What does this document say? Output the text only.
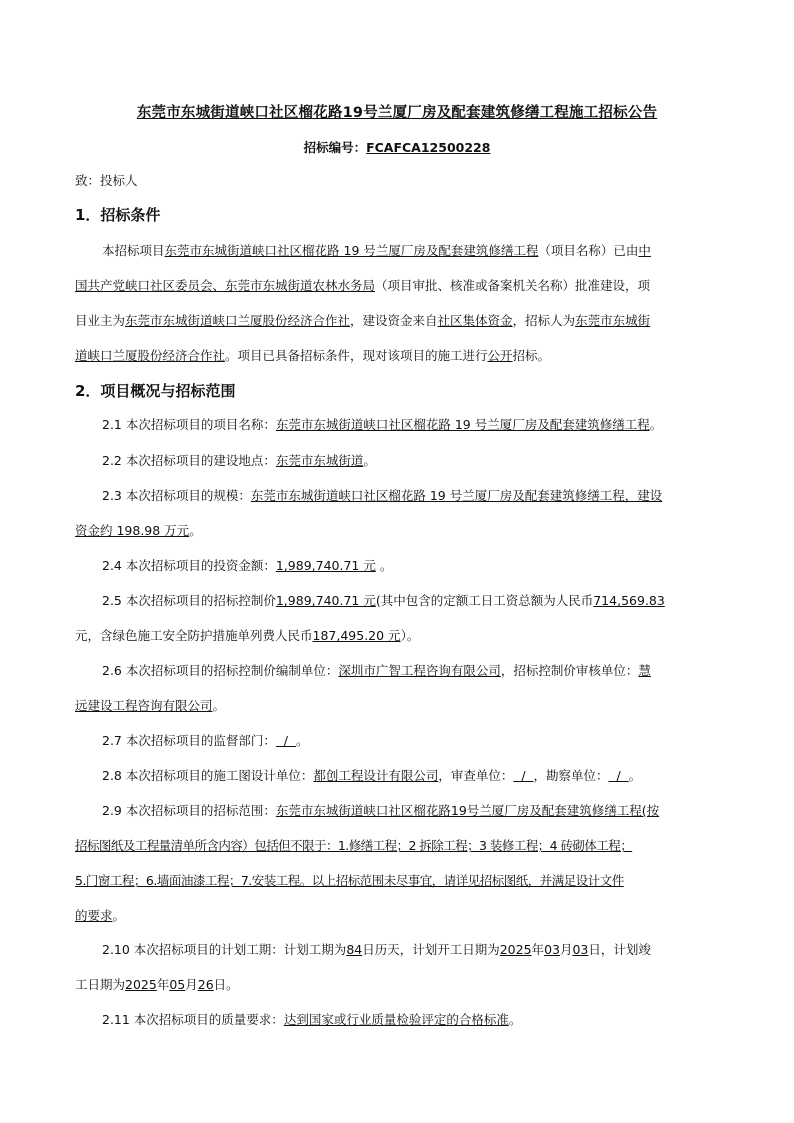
东莞市东城街道峡口社区榴花路19号兰厦厂房及配套建筑修缮工程施工招标公告
招标编号：FCAFCA12500228
致：投标人
1．招标条件
本招标项目东莞市东城街道峡口社区榴花路 19 号兰厦厂房及配套建筑修缮工程（项目名称）已由中
国共产党峡口社区委员会、东莞市东城街道农林水务局（项目审批、核准或备案机关名称）批准建设，项
目业主为东莞市东城街道峡口兰厦股份经济合作社，建设资金来自社区集体资金，招标人为东莞市东城街
道峡口兰厦股份经济合作社。项目已具备招标条件，现对该项目的施工进行公开招标。
2．项目概况与招标范围
2.1 本次招标项目的项目名称：东莞市东城街道峡口社区榴花路 19 号兰厦厂房及配套建筑修缮工程。
2.2 本次招标项目的建设地点：东莞市东城街道。
2.3 本次招标项目的规模：东莞市东城街道峡口社区榴花路 19 号兰厦厂房及配套建筑修缮工程，建设
资金约 198.98 万元。
2.4 本次招标项目的投资金额：1,989,740.71 元 。
2.5 本次招标项目的招标控制价1,989,740.71 元(其中包含的定额工日工资总额为人民币714,569.83
元，含绿色施工安全防护措施单列费人民币187,495.20 元）。
2.6 本次招标项目的招标控制价编制单位：深圳市广智工程咨询有限公司，招标控制价审核单位：慧
远建设工程咨询有限公司。
2.7 本次招标项目的监督部门：  /  。
2.8 本次招标项目的施工图设计单位：都创工程设计有限公司，审查单位：  /  ，勘察单位：  /  。
2.9 本次招标项目的招标范围：东莞市东城街道峡口社区榴花路19号兰厦厂房及配套建筑修缮工程(按
招标图纸及工程量清单所含内容）包括但不限于：1.修缮工程；2 拆除工程；3 装修工程；4 砖砌体工程；
5.门窗工程；6.墙面油漆工程；7.安装工程。以上招标范围未尽事宜，请详见招标图纸，并满足设计文件
的要求。
2.10 本次招标项目的计划工期：计划工期为84日历天，计划开工日期为2025年03月03日，计划竣
工日期为2025年05月26日。
2.11 本次招标项目的质量要求：达到国家或行业质量检验评定的合格标准。
